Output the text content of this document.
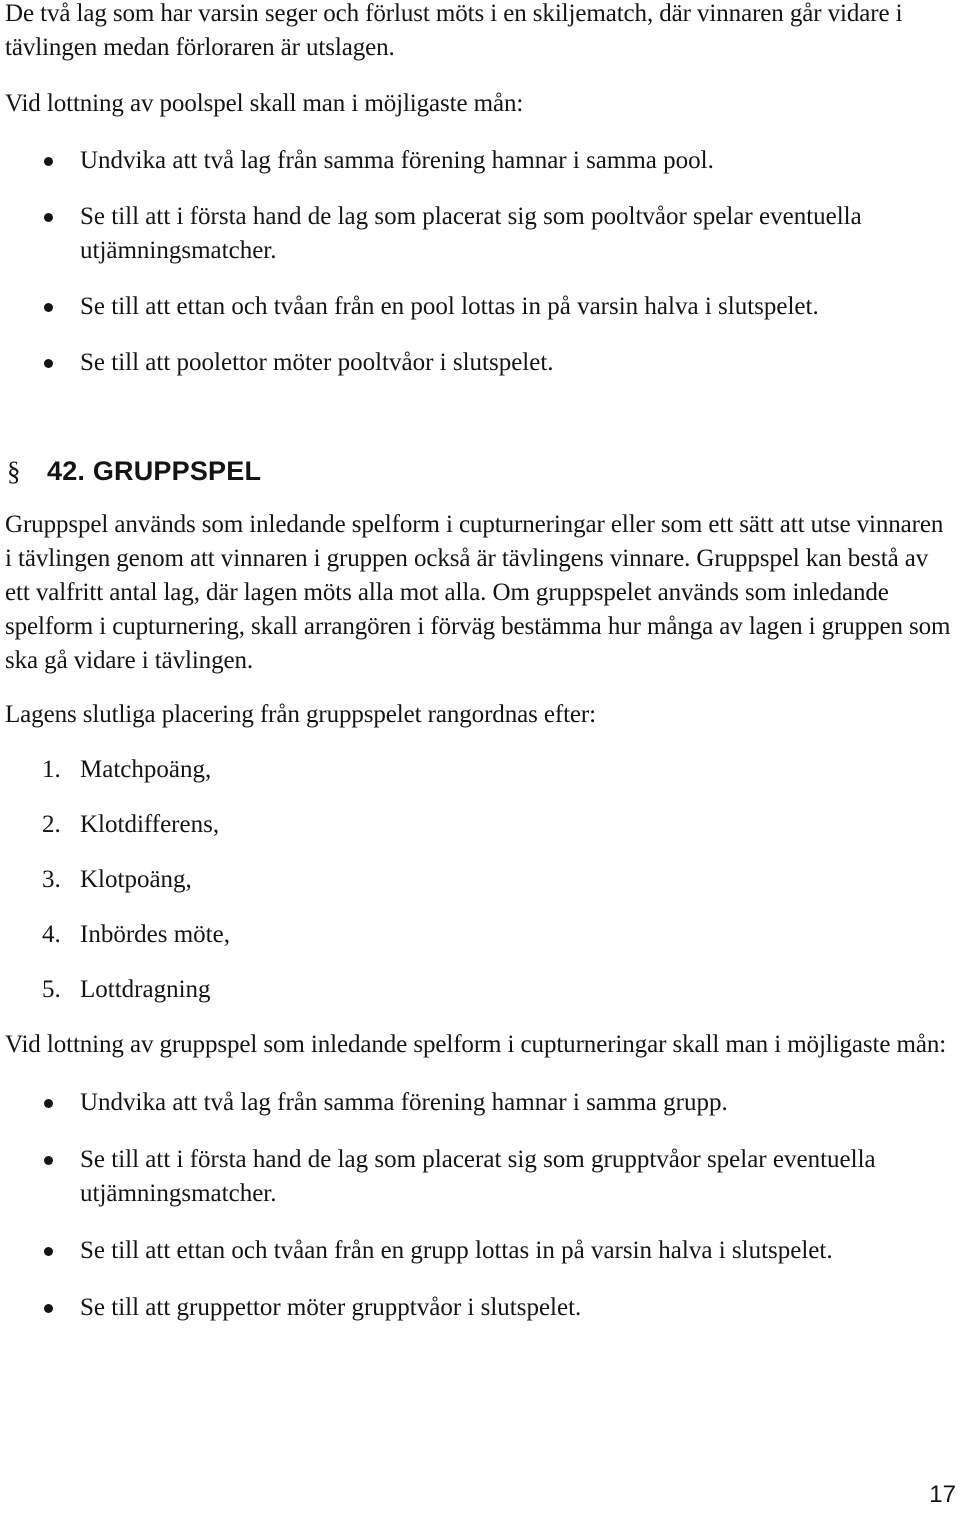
De två lag som har varsin seger och förlust möts i en skiljematch, där vinnaren går vidare i tävlingen medan förloraren är utslagen.

Vid lottning av poolspel skall man i möjligaste mån:

Undvika att två lag från samma förening hamnar i samma pool.
Se till att i första hand de lag som placerat sig som pooltvåor spelar eventuella utjämningsmatcher.
Se till att ettan och tvåan från en pool lottas in på varsin halva i slutspelet.
Se till att poolettor möter pooltvåor i slutspelet.
§ 42. GRUPPSPEL

Gruppspel används som inledande spelform i cupturneringar eller som ett sätt att utse vinnaren i tävlingen genom att vinnaren i gruppen också är tävlingens vinnare. Gruppspel kan bestå av ett valfritt antal lag, där lagen möts alla mot alla. Om gruppspelet används som inledande spelform i cupturnering, skall arrangören i förväg bestämma hur många av lagen i gruppen som ska gå vidare i tävlingen.

Lagens slutliga placering från gruppspelet rangordnas efter:

1. Matchpoäng,
2. Klotdifferens,
3. Klotpoäng,
4. Inbördes möte,
5. Lottdragning

Vid lottning av gruppspel som inledande spelform i cupturneringar skall man i möjligaste mån:

Undvika att två lag från samma förening hamnar i samma grupp.
Se till att i första hand de lag som placerat sig som grupptvåor spelar eventuella utjämningsmatcher.
Se till att ettan och tvåan från en grupp lottas in på varsin halva i slutspelet.
Se till att gruppettor möter grupptvåor i slutspelet.
17
